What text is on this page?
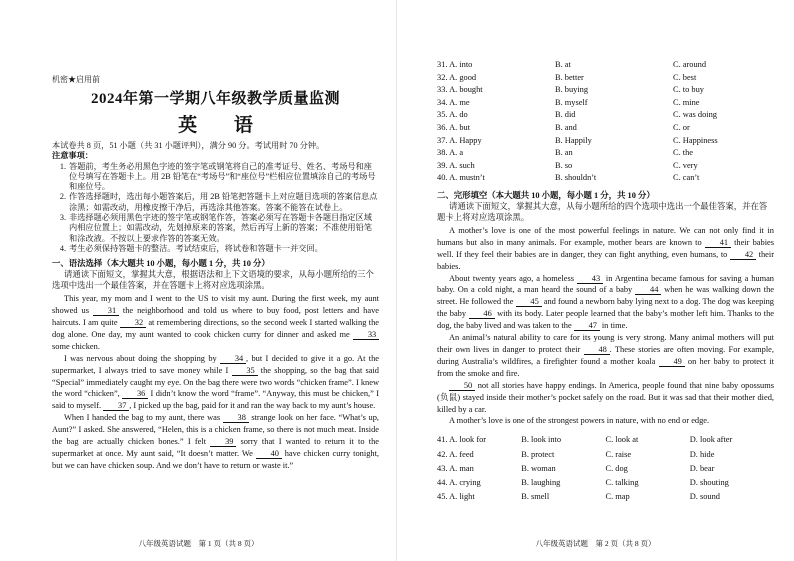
机密★启用前
2024年第一学期八年级教学质量监测
英 语
本试卷共 8 页，51 小题（共 31 小题评判），满分 90 分。考试用时 70 分钟。
注意事项：
1. 答题前，考生务必用黑色字迹的签字笔或钢笔将自己的准考证号、姓名、考场号和座位号填写在答题卡上。用 2B 铅笔在“考场号”和“座位号”栏相应位置填涂自己的考场号和座位号。
2. 作答选择题时，选出每小题答案后，用 2B 铅笔把答题卡上对应题目选项的答案信息点涂黑；如需改动，用橡皮擦干净后，再选涂其他答案。答案不能答在试卷上。
3. 非选择题必须用黑色字迹的签字笔或钢笔作答，答案必须写在答题卡各题目指定区域内相应位置上；如需改动，先划掉原来的答案，然后再写上新的答案；不准使用铅笔和涂改液。不按以上要求作答的答案无效。
4. 考生必须保持答题卡的整洁。考试结束后，将试卷和答题卡一并交回。
一、语法选择（本大题共 10 小题，每小题 1 分，共 10 分）
请通读下面短文，掌握其大意，根据语法和上下文语境的要求，从每小题所给的三个选项中选出一个最佳答案，并在答题卡上将对应选项涂黑。

This year, my mom and I went to the US to visit my aunt. During the first week, my aunt showed us 31 the neighborhood and told us where to buy food, post letters and have haircuts. I am quite 32 at remembering directions, so the second week I started walking the dog alone. One day, my aunt wanted to cook chicken curry for dinner and asked me 33 some chicken.

I was nervous about doing the shopping by 34 , but I decided to give it a go. At the supermarket, I always tried to save money while I 35 the shopping, so the bag that said “Special” immediately caught my eye. On the bag there were two words “chicken frame”. I knew the word “chicken”, 36 I didn’t know the word “frame”. “Anyway, this must be chicken,” I said to myself. 37 , I picked up the bag, paid for it and ran the way back to my aunt’s house.

When I handed the bag to my aunt, there was 38 strange look on her face. “What’s up, Aunt?” I asked. She answered, “Helen, this is a chicken frame, so there is not much meat. Inside the bag are actually chicken bones.” I felt 39 sorry that I wanted to return it to the supermarket at once. My aunt said, “It doesn’t matter. We 40 have chicken curry tonight, but we can have chicken soup. And we don’t have to return or waste it.”

八年级英语试题　第 1 页（共 8 页）
31. A. into	B. at	C. around
32. A. good	B. better	C. best
33. A. bought	B. buying	C. to buy
34. A. me	B. myself	C. mine
35. A. do	B. did	C. was doing
36. A. but	B. and	C. or
37. A. Happy	B. Happily	C. Happiness
38. A. a	B. an	C. the
39. A. such	B. so	C. very
40. A. mustn’t	B. shouldn’t	C. can’t
二、完形填空（本大题共 10 小题，每小题 1 分，共 10 分）
请通读下面短文，掌握其大意，从每小题所给的四个选项中选出一个最佳答案，并在答题卡上将对应选项涂黑。

A mother’s love is one of the most powerful feelings in nature. We can not only find it in humans but also in many animals. For example, mother bears are known to 41 their babies well. If they feel their babies are in danger, they can fight anything, even humans, to 42 their babies.

About twenty years ago, a homeless 43 in Argentina became famous for saving a human baby. On a cold night, a man heard the sound of a baby 44 when he was walking down the street. He followed the 45 and found a newborn baby lying next to a dog. The dog was keeping the baby 46 with its body. Later people learned that the baby’s mother left him. Thanks to the dog, the baby lived and was taken to the 47 in time.

An animal’s natural ability to care for its young is very strong. Many animal mothers will put their own lives in danger to protect their 48 . These stories are often moving. For example, during Australia’s wildfires, a firefighter found a mother koala 49 on her baby to protect it from the smoke and fire.

50 not all stories have happy endings. In America, people found that nine baby opossums (负鼠) stayed inside their mother’s pocket safely on the road. But it was sad that their mother died, killed by a car.

A mother’s love is one of the strongest powers in nature, with no end or edge.

41. A. look for	B. look into	C. look at	D. look after
42. A. feed	B. protect	C. raise	D. hide
43. A. man	B. woman	C. dog	D. bear
44. A. crying	B. laughing	C. talking	D. shouting
45. A. light	B. smell	C. map	D. sound
八年级英语试题　第 2 页（共 8 页）
